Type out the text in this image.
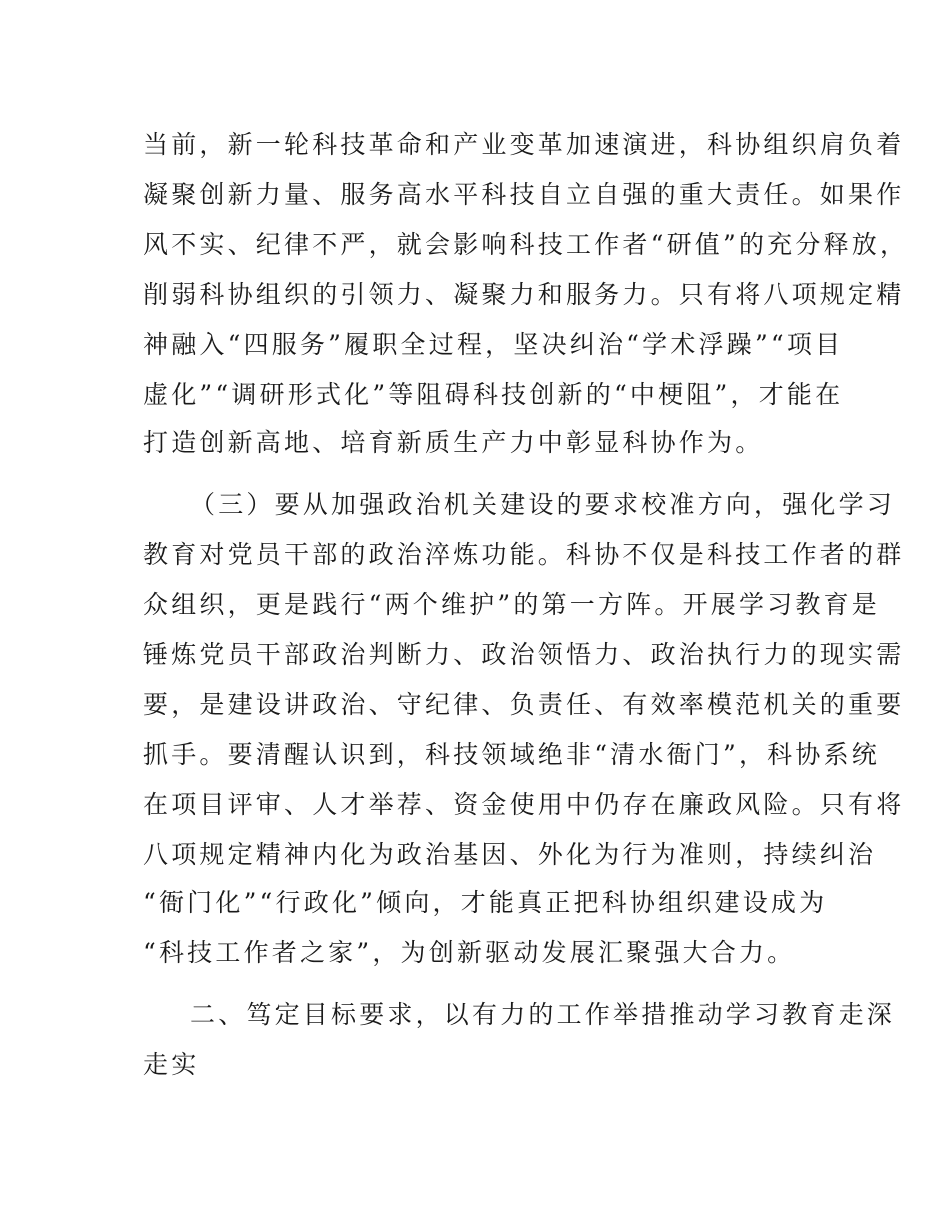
当前，新一轮科技革命和产业变革加速演进，科协组织肩负着

凝聚创新力量、服务高水平科技自立自强的重大责任。如果作

风不实、纪律不严，就会影响科技工作者“研值”的充分释放，

削弱科协组织的引领力、凝聚力和服务力。只有将八项规定精

神融入“四服务”履职全过程，坚决纠治“学术浮躁”“项目

虚化”“调研形式化”等阻碍科技创新的“中梗阻”，才能在

打造创新高地、培育新质生产力中彰显科协作为。

（三）要从加强政治机关建设的要求校准方向，强化学习

教育对党员干部的政治淬炼功能。科协不仅是科技工作者的群

众组织，更是践行“两个维护”的第一方阵。开展学习教育是

锤炼党员干部政治判断力、政治领悟力、政治执行力的现实需

要，是建设讲政治、守纪律、负责任、有效率模范机关的重要

抓手。要清醒认识到，科技领域绝非“清水衙门”，科协系统

在项目评审、人才举荐、资金使用中仍存在廉政风险。只有将

八项规定精神内化为政治基因、外化为行为准则，持续纠治

“衙门化”“行政化”倾向，才能真正把科协组织建设成为

“科技工作者之家”，为创新驱动发展汇聚强大合力。

二、笃定目标要求，以有力的工作举措推动学习教育走深

走实
